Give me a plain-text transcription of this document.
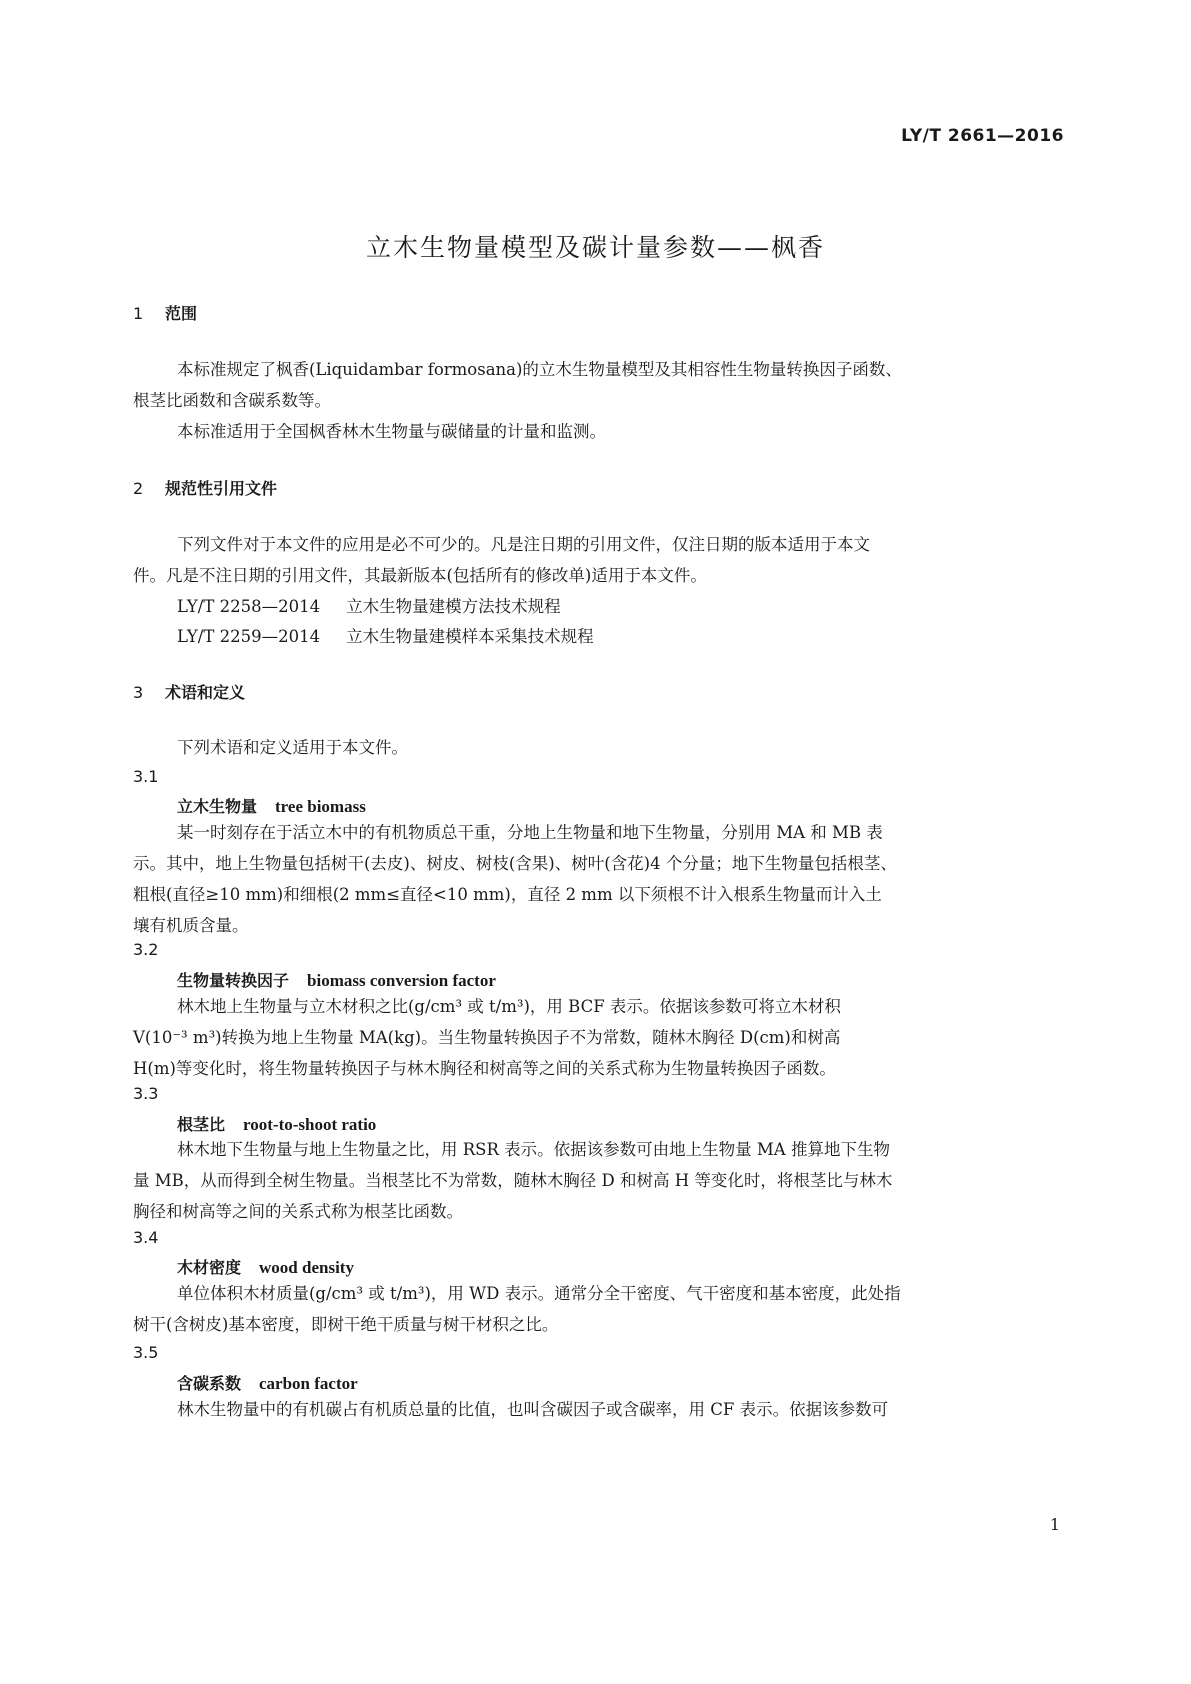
LY/T 2661—2016
立木生物量模型及碳计量参数——枫香
1 范围
本标准规定了枫香(Liquidambar formosana)的立木生物量模型及其相容性生物量转换因子函数、
根茎比函数和含碳系数等。
本标准适用于全国枫香林木生物量与碳储量的计量和监测。
2 规范性引用文件
下列文件对于本文件的应用是必不可少的。凡是注日期的引用文件，仅注日期的版本适用于本文
件。凡是不注日期的引用文件，其最新版本(包括所有的修改单)适用于本文件。
LY/T 2258—2014 立木生物量建模方法技术规程
LY/T 2259—2014 立木生物量建模样本采集技术规程
3 术语和定义
下列术语和定义适用于本文件。
3.1
立木生物量 tree biomass
某一时刻存在于活立木中的有机物质总干重，分地上生物量和地下生物量，分别用 MA 和 MB 表
示。其中，地上生物量包括树干(去皮)、树皮、树枝(含果)、树叶(含花)4 个分量；地下生物量包括根茎、
粗根(直径≥10 mm)和细根(2 mm≤直径<10 mm)，直径 2 mm 以下须根不计入根系生物量而计入土
壤有机质含量。
3.2
生物量转换因子 biomass conversion factor
林木地上生物量与立木材积之比(g/cm³ 或 t/m³)，用 BCF 表示。依据该参数可将立木材积
V(10⁻³ m³)转换为地上生物量 MA(kg)。当生物量转换因子不为常数，随林木胸径 D(cm)和树高
H(m)等变化时，将生物量转换因子与林木胸径和树高等之间的关系式称为生物量转换因子函数。
3.3
根茎比 root-to-shoot ratio
林木地下生物量与地上生物量之比，用 RSR 表示。依据该参数可由地上生物量 MA 推算地下生物
量 MB，从而得到全树生物量。当根茎比不为常数，随林木胸径 D 和树高 H 等变化时，将根茎比与林木
胸径和树高等之间的关系式称为根茎比函数。
3.4
木材密度 wood density
单位体积木材质量(g/cm³ 或 t/m³)，用 WD 表示。通常分全干密度、气干密度和基本密度，此处指
树干(含树皮)基本密度，即树干绝干质量与树干材积之比。
3.5
含碳系数 carbon factor
林木生物量中的有机碳占有机质总量的比值，也叫含碳因子或含碳率，用 CF 表示。依据该参数可
1
